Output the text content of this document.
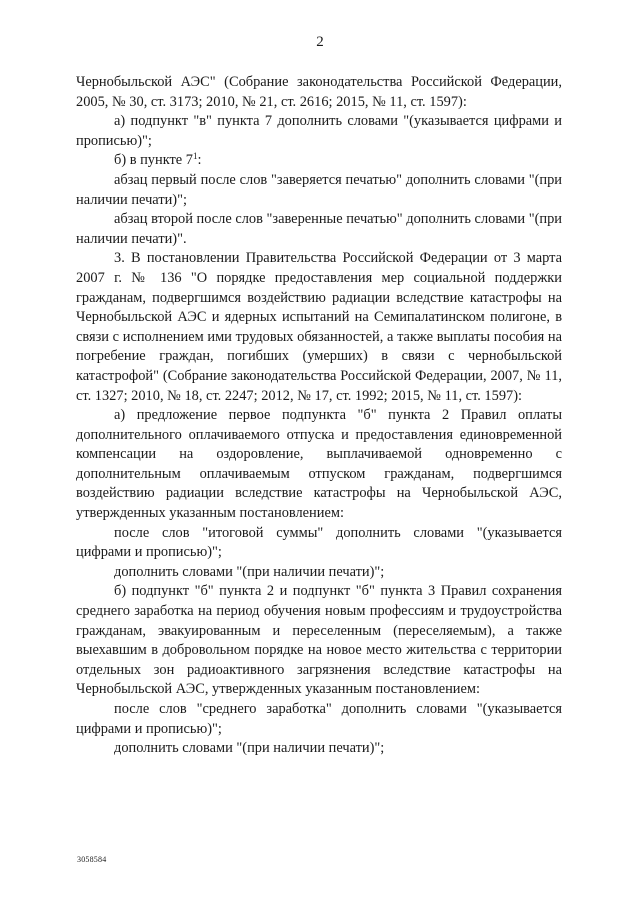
2

Чернобыльской АЭС" (Собрание законодательства Российской Федерации, 2005, № 30, ст. 3173; 2010, № 21, ст. 2616; 2015, № 11, ст. 1597):

а) подпункт "в" пункта 7 дополнить словами "(указывается цифрами и прописью)";

б) в пункте $7^1$:

абзац первый после слов "заверяется печатью" дополнить словами "(при наличии печати)";

абзац второй после слов "заверенные печатью" дополнить словами "(при наличии печати)".

3. В постановлении Правительства Российской Федерации от 3 марта 2007 г. № 136 "О порядке предоставления мер социальной поддержки гражданам, подвергшимся воздействию радиации вследствие катастрофы на Чернобыльской АЭС и ядерных испытаний на Семипалатинском полигоне, в связи с исполнением ими трудовых обязанностей, а также выплаты пособия на погребение граждан, погибших (умерших) в связи с чернобыльской катастрофой" (Собрание законодательства Российской Федерации, 2007, № 11, ст. 1327; 2010, № 18, ст. 2247; 2012, № 17, ст. 1992; 2015, № 11, ст. 1597):

а) предложение первое подпункта "б" пункта 2 Правил оплаты дополнительного оплачиваемого отпуска и предоставления единовременной компенсации на оздоровление, выплачиваемой одновременно с дополнительным оплачиваемым отпуском гражданам, подвергшимся воздействию радиации вследствие катастрофы на Чернобыльской АЭС, утвержденных указанным постановлением:

после слов "итоговой суммы" дополнить словами "(указывается цифрами и прописью)";

дополнить словами "(при наличии печати)";

б) подпункт "б" пункта 2 и подпункт "б" пункта 3 Правил сохранения среднего заработка на период обучения новым профессиям и трудоустройства гражданам, эвакуированным и переселенным (переселяемым), а также выехавшим в добровольном порядке на новое место жительства с территории отдельных зон радиоактивного загрязнения вследствие катастрофы на Чернобыльской АЭС, утвержденных указанным постановлением:

после слов "среднего заработка" дополнить словами "(указывается цифрами и прописью)";

дополнить словами "(при наличии печати)";

3058584
